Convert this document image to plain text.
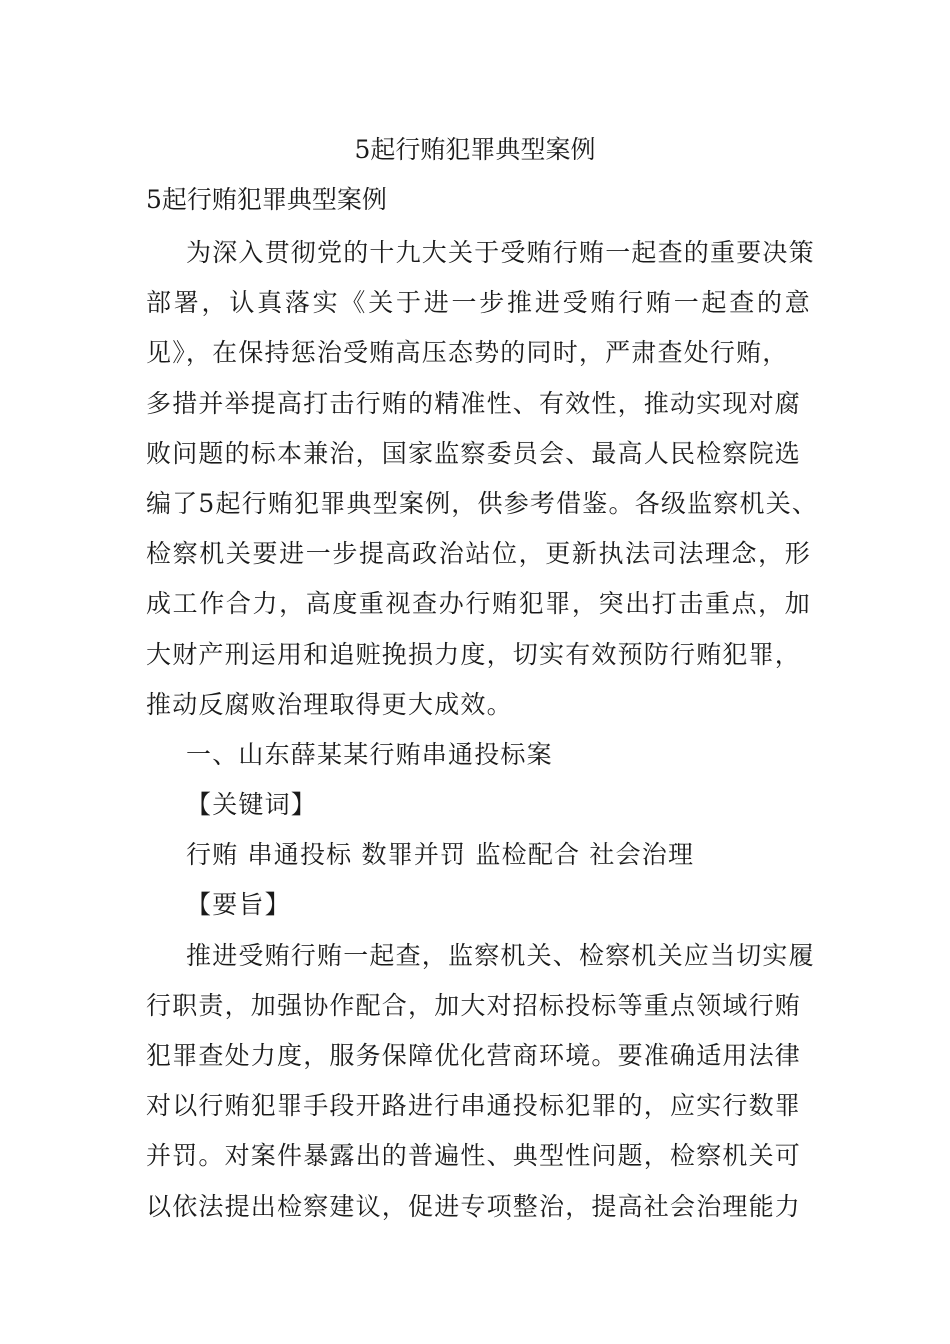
5起行贿犯罪典型案例
5起行贿犯罪典型案例
为深入贯彻党的十九大关于受贿行贿一起查的重要决策
部署，认真落实《关于进一步推进受贿行贿一起查的意
见》，在保持惩治受贿高压态势的同时，严肃查处行贿，
多措并举提高打击行贿的精准性、有效性，推动实现对腐
败问题的标本兼治，国家监察委员会、最高人民检察院选
编了5起行贿犯罪典型案例，供参考借鉴。各级监察机关、
检察机关要进一步提高政治站位，更新执法司法理念，形
成工作合力，高度重视查办行贿犯罪，突出打击重点，加
大财产刑运用和追赃挽损力度，切实有效预防行贿犯罪，
推动反腐败治理取得更大成效。
一、山东薛某某行贿串通投标案
【关键词】
行贿 串通投标 数罪并罚 监检配合 社会治理
【要旨】
推进受贿行贿一起查，监察机关、检察机关应当切实履
行职责，加强协作配合，加大对招标投标等重点领域行贿
犯罪查处力度，服务保障优化营商环境。要准确适用法律
对以行贿犯罪手段开路进行串通投标犯罪的，应实行数罪
并罚。对案件暴露出的普遍性、典型性问题，检察机关可
以依法提出检察建议，促进专项整治，提高社会治理能力
